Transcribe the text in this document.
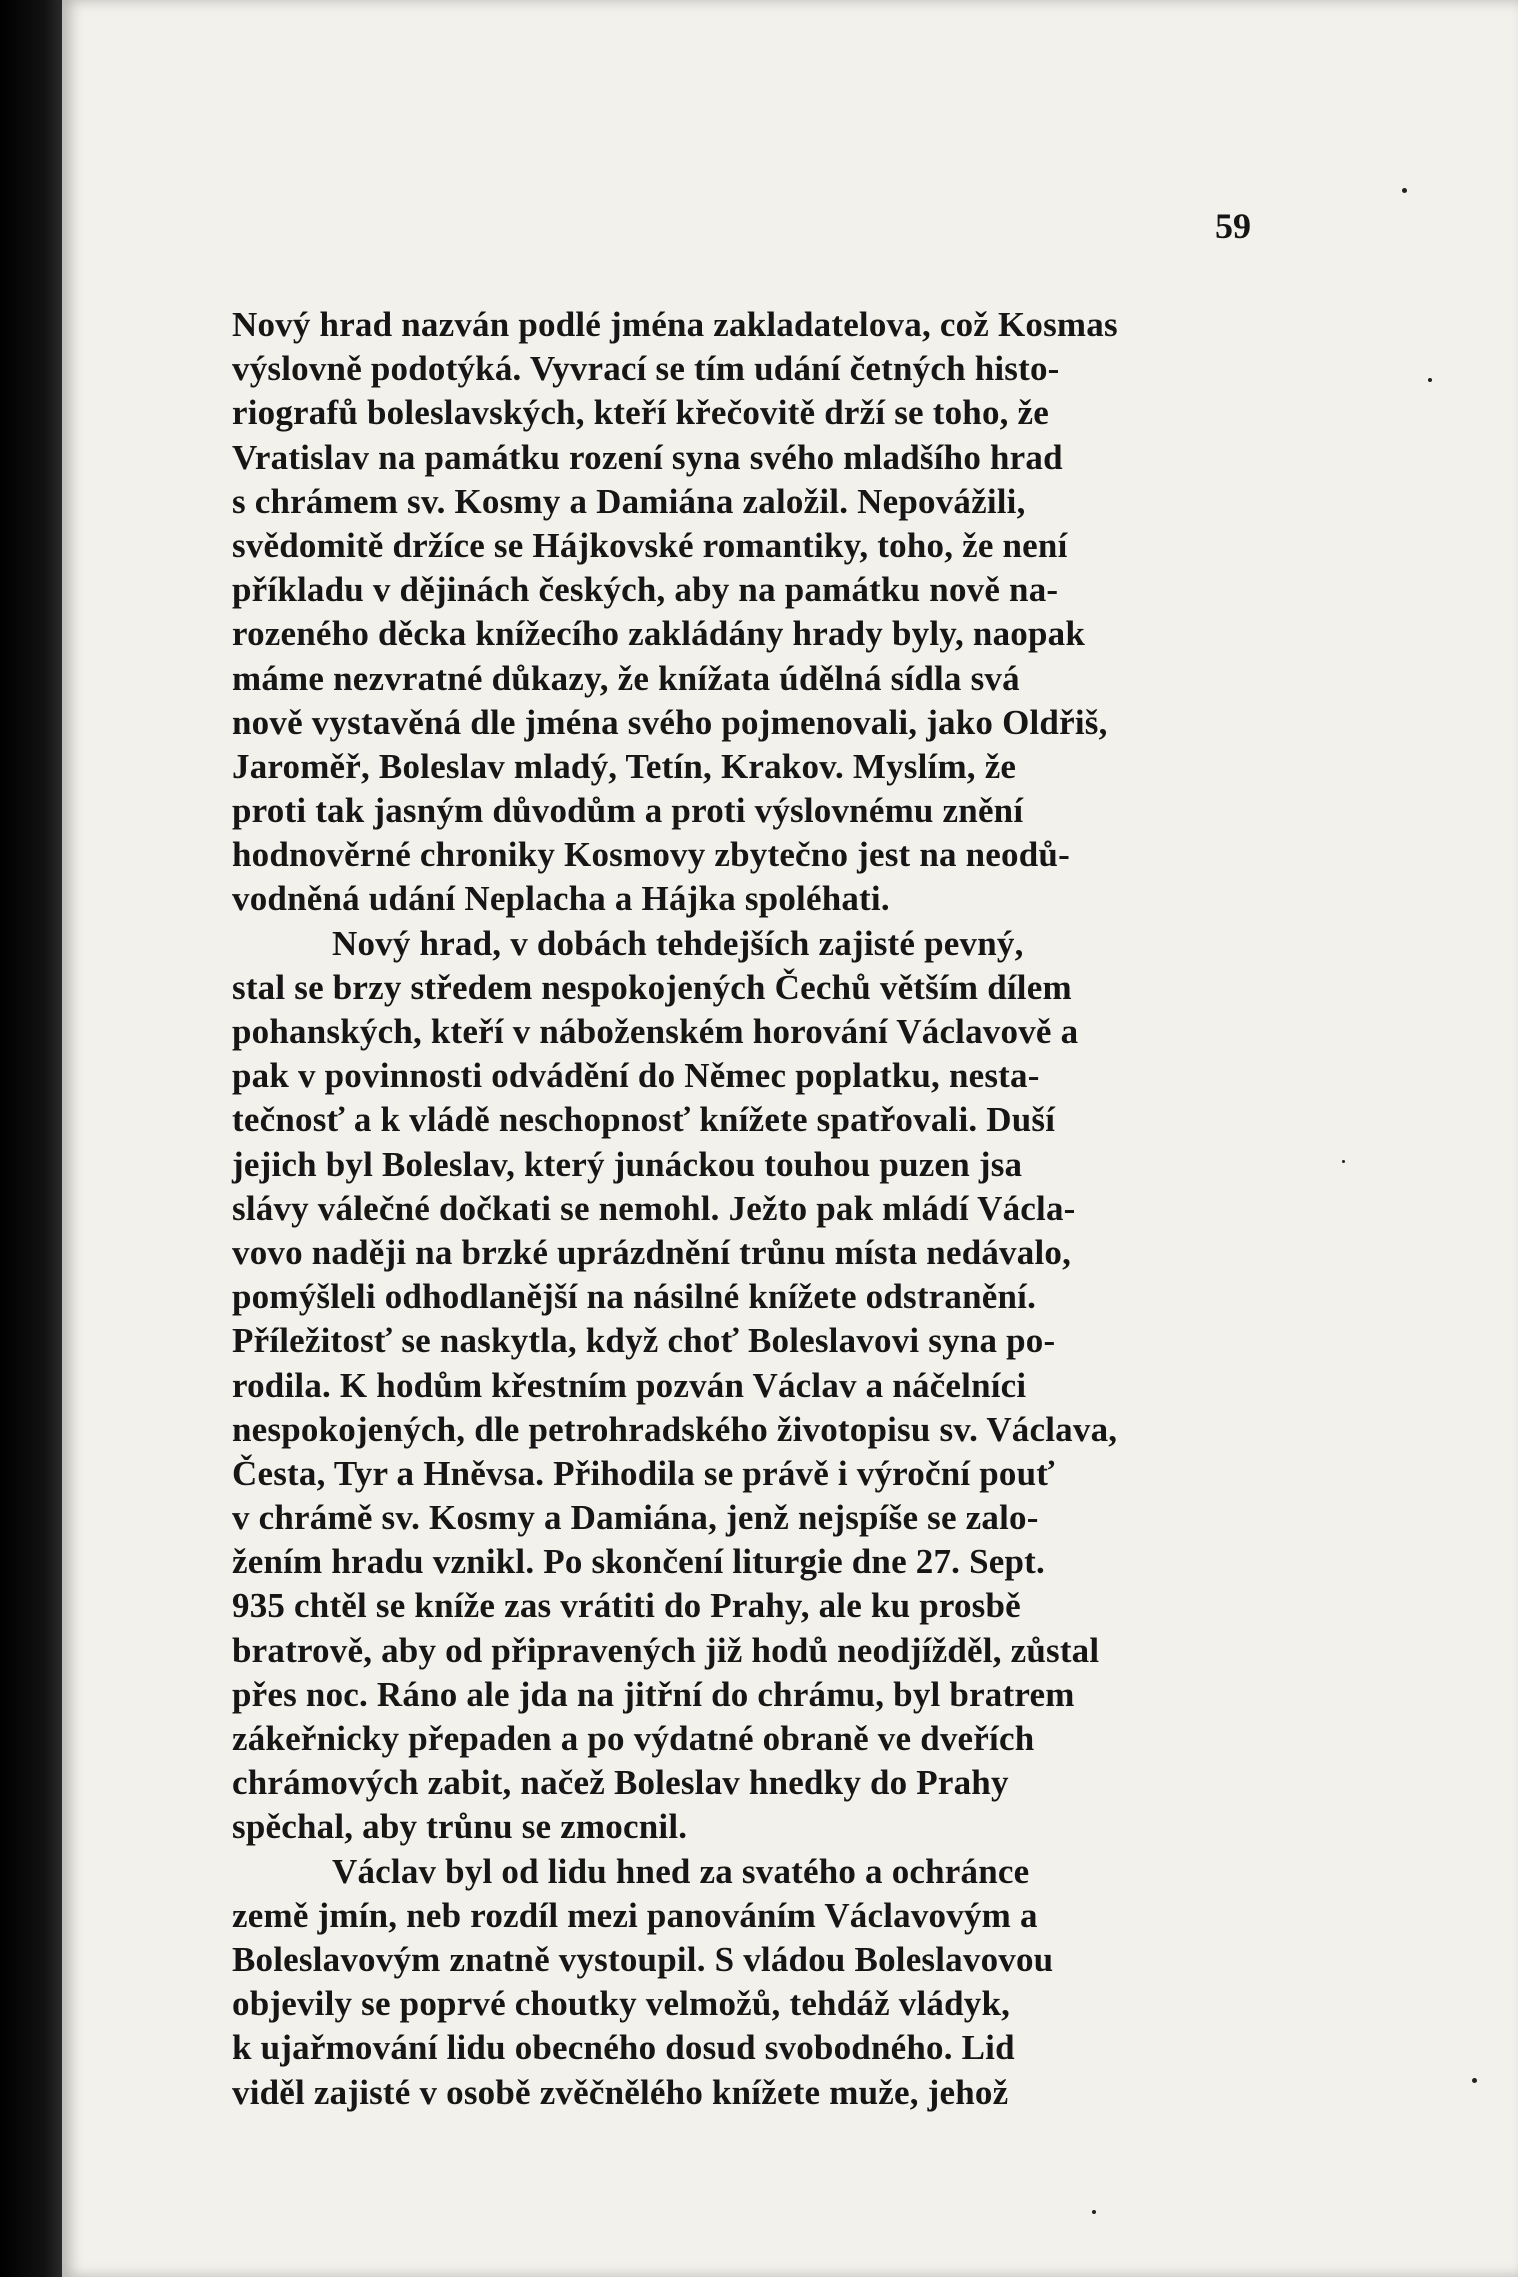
59
Nový hrad nazván podlé jména zakladatelova, což Kosmas
výslovně podotýká. Vyvrací se tím udání četných histo-
riografů boleslavských, kteří křečovitě drží se toho, že
Vratislav na památku rození syna svého mladšího hrad
s chrámem sv. Kosmy a Damiána založil. Nepovážili,
svědomitě držíce se Hájkovské romantiky, toho, že není
příkladu v dějinách českých, aby na památku nově na-
rozeného děcka knížecího zakládány hrady byly, naopak
máme nezvratné důkazy, že knížata údělná sídla svá
nově vystavěná dle jména svého pojmenovali, jako Oldřiš,
Jaroměř, Boleslav mladý, Tetín, Krakov. Myslím, že
proti tak jasným důvodům a proti výslovnému znění
hodnověrné chroniky Kosmovy zbytečno jest na neodů-
vodněná udání Neplacha a Hájka spoléhati.
Nový hrad, v dobách tehdejších zajisté pevný,
stal se brzy středem nespokojených Čechů větším dílem
pohanských, kteří v náboženském horování Václavově a
pak v povinnosti odvádění do Němec poplatku, nesta-
tečnosť a k vládě neschopnosť knížete spatřovali. Duší
jejich byl Boleslav, který junáckou touhou puzen jsa
slávy válečné dočkati se nemohl. Ježto pak mládí Václa-
vovo naději na brzké uprázdnění trůnu místa nedávalo,
pomýšleli odhodlanější na násilné knížete odstranění.
Příležitosť se naskytla, když choť Boleslavovi syna po-
rodila. K hodům křestním pozván Václav a náčelníci
nespokojených, dle petrohradského životopisu sv. Václava,
Česta, Tyr a Hněvsa. Přihodila se právě i výroční pouť
v chrámě sv. Kosmy a Damiána, jenž nejspíše se zalo-
žením hradu vznikl. Po skončení liturgie dne 27. Sept.
935 chtěl se kníže zas vrátiti do Prahy, ale ku prosbě
bratrově, aby od připravených již hodů neodjížděl, zůstal
přes noc. Ráno ale jda na jitřní do chrámu, byl bratrem
zákeřnicky přepaden a po výdatné obraně ve dveřích
chrámových zabit, načež Boleslav hnedky do Prahy
spěchal, aby trůnu se zmocnil.
Václav byl od lidu hned za svatého a ochránce
země jmín, neb rozdíl mezi panováním Václavovým a
Boleslavovým znatně vystoupil. S vládou Boleslavovou
objevily se poprvé choutky velmožů, tehdáž vládyk,
k ujařmování lidu obecného dosud svobodného. Lid
viděl zajisté v osobě zvěčnělého knížete muže, jehož
